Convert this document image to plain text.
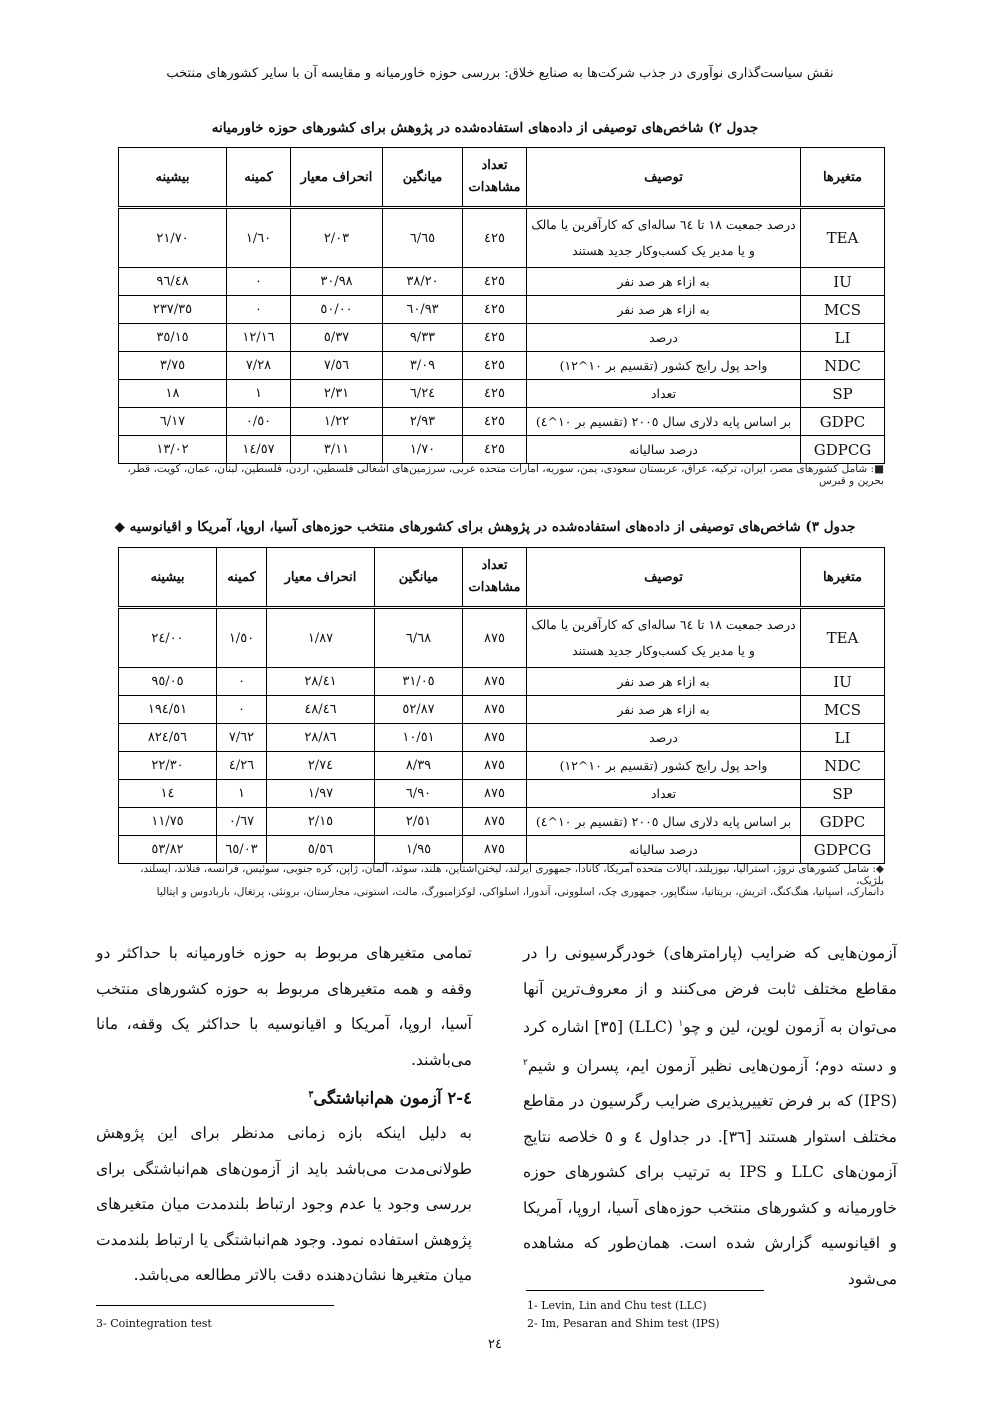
نقش سیاست‌گذاری نوآوری در جذب شرکت‌ها به صنایع خلاق: بررسی حوزه خاورمیانه و مقایسه آن با سایر کشورهای منتخب
جدول ۲) شاخص‌های توصیفی از داده‌های استفاده‌شده در پژوهش برای کشورهای حوزه خاورمیانه
متغیرها	توصیف	تعداد مشاهدات	میانگین	انحراف معیار	کمینه	بیشینه
TEA	درصد جمعیت ۱۸ تا ٦٤ ساله‌ای که کارآفرین یا مالک و یا مدیر یک کسب‌وکار جدید هستند	٤٢٥	٦/٦٥	٢/٠٣	١/٦٠	٢١/٧٠
IU	به ازاء هر صد نفر	٤٢٥	٣٨/٢٠	٣٠/٩٨	٠	٩٦/٤٨
MCS	به ازاء هر صد نفر	٤٢٥	٦٠/٩٣	٥٠/٠٠	٠	٢٣٧/٣٥
LI	درصد	٤٢٥	٩/٣٣	٥/٣٧	١٢/١٦	٣٥/١٥
NDC	واحد پول رایج کشور (تقسیم بر ١٠^١٢)	٤٢٥	٣/٠٩	٧/٥٦	٧/٢٨	٣/٧٥
SP	تعداد	٤٢٥	٦/٢٤	٢/٣١	١	١٨
GDPC	بر اساس پایه دلاری سال ٢٠٠٥ (تقسیم بر ١٠^٤)	٤٢٥	٢/٩٣	١/٢٢	٠/٥٠	٦/١٧
GDPCG	درصد سالیانه	٤٢٥	١/٧٠	٣/١١	١٤/٥٧	١٣/٠٢
■: شامل کشورهای مصر، ایران، ترکیه، عراق، عربستان سعودی، یمن، سوریه، امارات متحده عربی، سرزمین‌های اشغالی فلسطین، اردن، فلسطین، لبنان، عمان، کویت، قطر، بحرین و قبرس
جدول ۳) شاخص‌های توصیفی از داده‌های استفاده‌شده در پژوهش برای کشورهای منتخب حوزه‌های آسیا، اروپا، آمریکا و اقیانوسیه ◆
متغیرها	توصیف	تعداد مشاهدات	میانگین	انحراف معیار	کمینه	بیشینه
TEA	درصد جمعیت ۱۸ تا ٦٤ ساله‌ای که کارآفرین یا مالک و یا مدیر یک کسب‌وکار جدید هستند	٨٧٥	٦/٦٨	١/٨٧	١/٥٠	٢٤/٠٠
IU	به ازاء هر صد نفر	٨٧٥	٣١/٠٥	٢٨/٤١	٠	٩٥/٠٥
MCS	به ازاء هر صد نفر	٨٧٥	٥٢/٨٧	٤٨/٤٦	٠	١٩٤/٥١
LI	درصد	٨٧٥	١٠/٥١	٢٨/٨٦	٧/٦٢	٨٢٤/٥٦
NDC	واحد پول رایج کشور (تقسیم بر ١٠^١٢)	٨٧٥	٨/٣٩	٢/٧٤	٤/٢٦	٢٢/٣٠
SP	تعداد	٨٧٥	٦/٩٠	١/٩٧	١	١٤
GDPC	بر اساس پایه دلاری سال ٢٠٠٥ (تقسیم بر ١٠^٤)	٨٧٥	٢/٥١	٢/١٥	٠/٦٧	١١/٧٥
GDPCG	درصد سالیانه	٨٧٥	١/٩٥	٥/٥٦	٦٥/٠٣	٥٣/٨٢
◆: شامل کشورهای نروژ، استرالیا، نیوزیلند، ایالات متحده آمریکا، کانادا، جمهوری ایرلند، لیختن‌اشتاین، هلند، سوئد، آلمان، ژاپن، کره جنوبی، سوئیس، فرانسه، فنلاند، ایسلند، بلژیک،
دانمارک، اسپانیا، هنگ‌کنگ، اتریش، بریتانیا، سنگاپور، جمهوری چک، اسلوونی، آندورا، اسلواکی، لوکزامبورگ، مالت، استونی، مجارستان، برونئی، پرتغال، باربادوس و ایتالیا
آزمون‌هایی که ضرایب (پارامترهای) خودرگرسیونی را در مقاطع مختلف ثابت فرض می‌کنند و از معروف‌ترین آنها می‌توان به آزمون لوین، لین و چو$^١$ (LLC) [٣٥] اشاره کرد و دسته دوم؛ آزمون‌هایی نظیر آزمون ایم، پسران و شیم$^٢$ (IPS) که بر فرض تغییرپذیری ضرایب رگرسیون در مقاطع مختلف استوار هستند [٣٦]. در جداول ٤ و ٥ خلاصه نتایج آزمون‌های LLC و IPS به ترتیب برای کشورهای حوزه خاورمیانه و کشورهای منتخب حوزه‌های آسیا، اروپا، آمریکا و اقیانوسیه گزارش شده است. همان‌طور که مشاهده می‌شود
تمامی متغیرهای مربوط به حوزه خاورمیانه با حداکثر دو وقفه و همه متغیرهای مربوط به حوزه کشورهای منتخب آسیا، اروپا، آمریکا و اقیانوسیه با حداکثر یک وقفه، مانا می‌باشند.
٤-٢ آزمون هم‌انباشتگی$^٣$
به دلیل اینکه بازه زمانی مدنظر برای این پژوهش طولانی‌مدت می‌باشد باید از آزمون‌های هم‌انباشتگی برای بررسی وجود یا عدم وجود ارتباط بلندمدت میان متغیرهای پژوهش استفاده نمود. وجود هم‌انباشتگی یا ارتباط بلندمدت میان متغیرها نشان‌دهنده دقت بالاتر مطالعه می‌باشد.
1- Levin, Lin and Chu test (LLC)
2- Im, Pesaran and Shim test (IPS)
3- Cointegration test
٢٤
